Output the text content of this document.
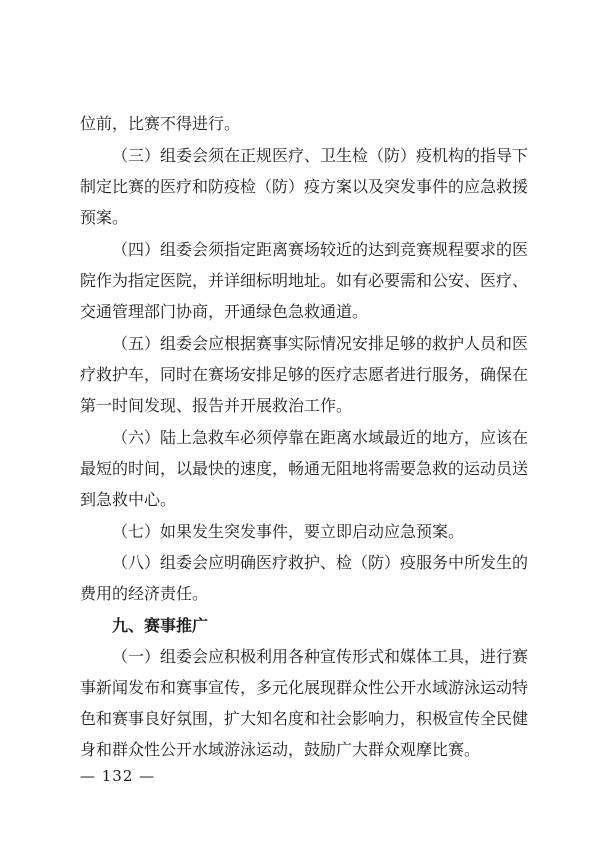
位前，比赛不得进行。
（三）组委会须在正规医疗、卫生检（防）疫机构的指导下
制定比赛的医疗和防疫检（防）疫方案以及突发事件的应急救援
预案。
（四）组委会须指定距离赛场较近的达到竞赛规程要求的医
院作为指定医院，并详细标明地址。如有必要需和公安、医疗、
交通管理部门协商，开通绿色急救通道。
（五）组委会应根据赛事实际情况安排足够的救护人员和医
疗救护车，同时在赛场安排足够的医疗志愿者进行服务，确保在
第一时间发现、报告并开展救治工作。
（六）陆上急救车必须停靠在距离水域最近的地方，应该在
最短的时间，以最快的速度，畅通无阻地将需要急救的运动员送
到急救中心。
（七）如果发生突发事件，要立即启动应急预案。
（八）组委会应明确医疗救护、检（防）疫服务中所发生的
费用的经济责任。
九、赛事推广
（一）组委会应积极利用各种宣传形式和媒体工具，进行赛
事新闻发布和赛事宣传，多元化展现群众性公开水域游泳运动特
色和赛事良好氛围，扩大知名度和社会影响力，积极宣传全民健
身和群众性公开水域游泳运动，鼓励广大群众观摩比赛。
— 132 —
